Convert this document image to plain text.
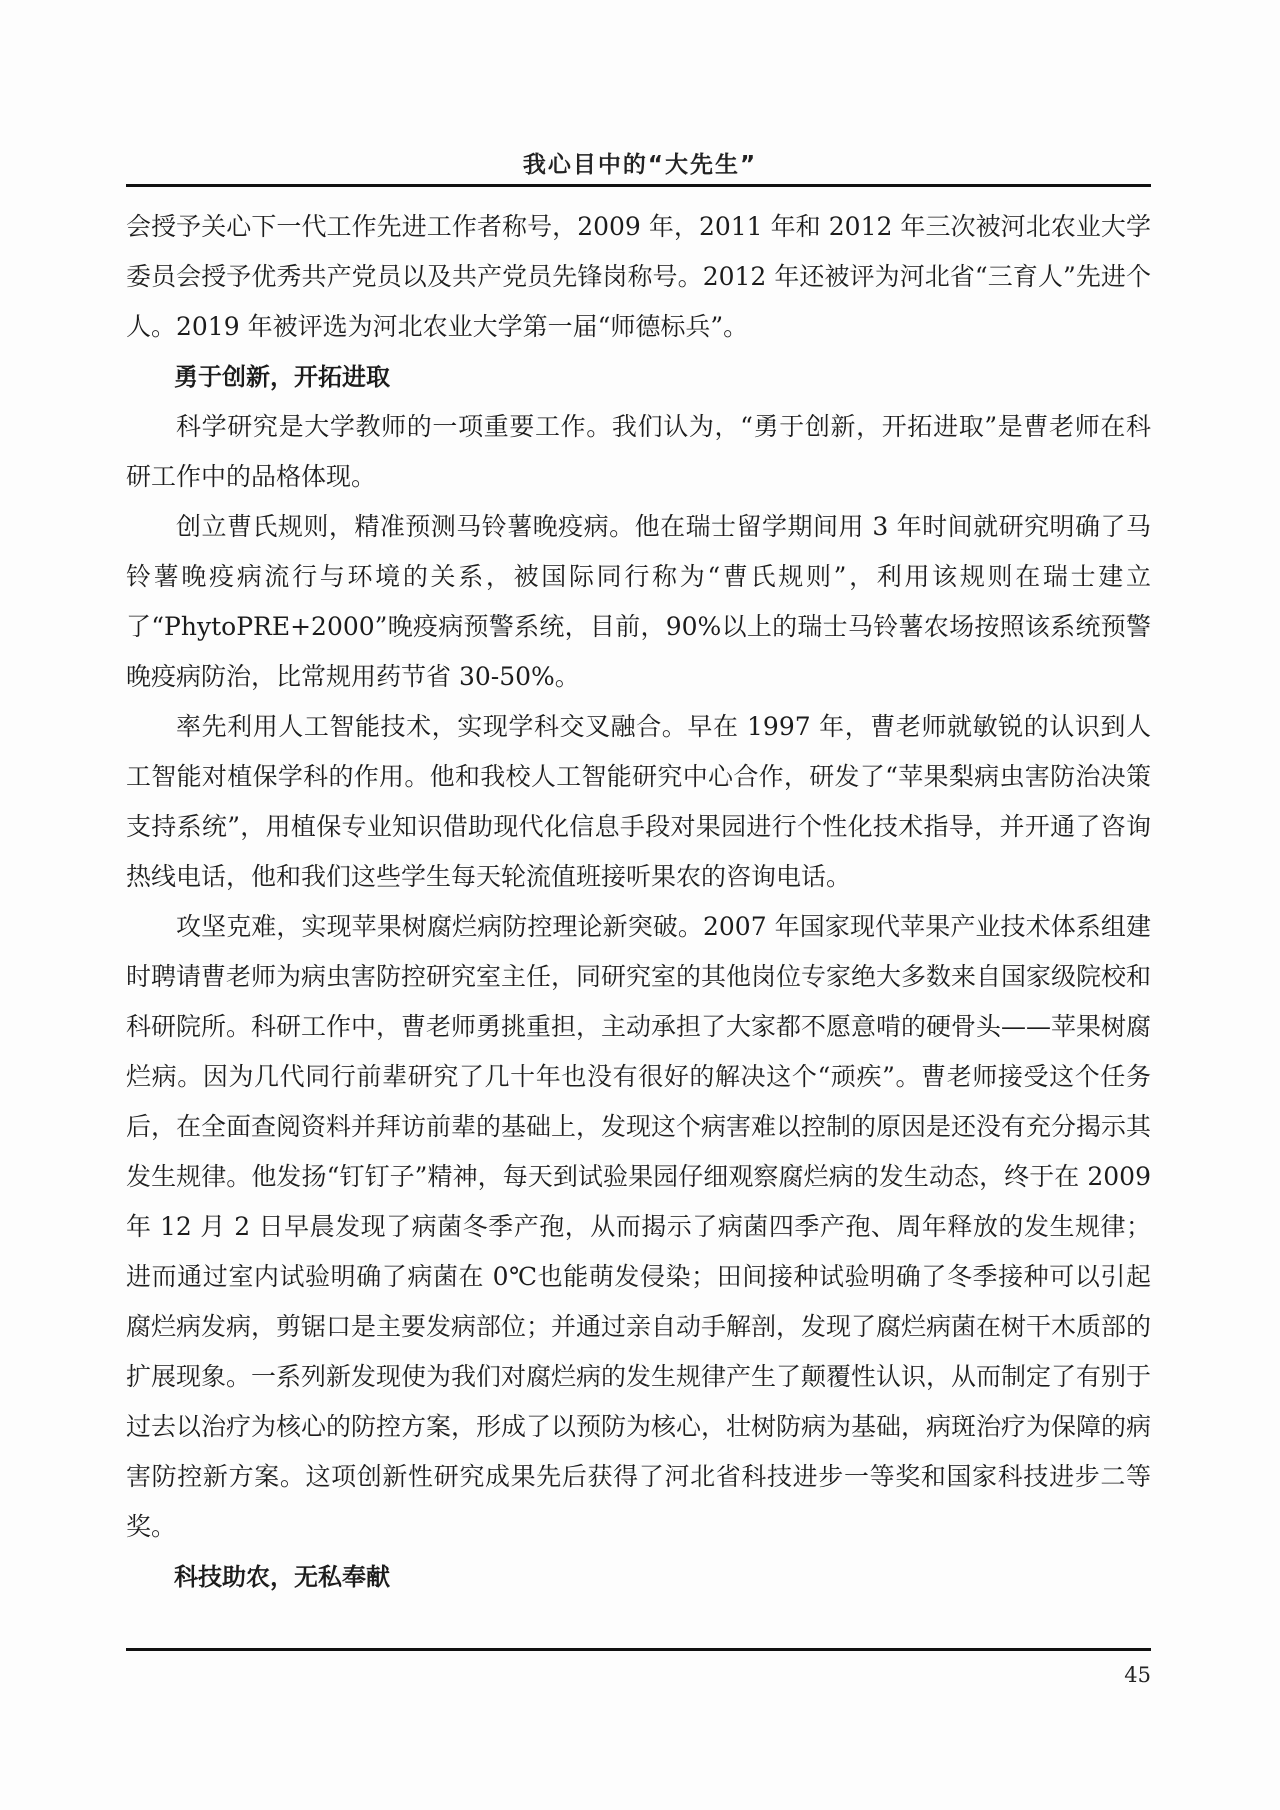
我心目中的“大先生”

会授予关心下一代工作先进工作者称号，2009 年，2011 年和 2012 年三次被河北农业大学委员会授予优秀共产党员以及共产党员先锋岗称号。2012 年还被评为河北省“三育人”先进个人。2019 年被评选为河北农业大学第一届“师德标兵”。

勇于创新，开拓进取

科学研究是大学教师的一项重要工作。我们认为，“勇于创新，开拓进取”是曹老师在科研工作中的品格体现。

创立曹氏规则，精准预测马铃薯晚疫病。他在瑞士留学期间用 3 年时间就研究明确了马铃薯晚疫病流行与环境的关系，被国际同行称为“曹氏规则”，利用该规则在瑞士建立了“PhytoPRE+2000”晚疫病预警系统，目前，90%以上的瑞士马铃薯农场按照该系统预警晚疫病防治，比常规用药节省 30-50%。

率先利用人工智能技术，实现学科交叉融合。早在 1997 年，曹老师就敏锐的认识到人工智能对植保学科的作用。他和我校人工智能研究中心合作，研发了“苹果梨病虫害防治决策支持系统”，用植保专业知识借助现代化信息手段对果园进行个性化技术指导，并开通了咨询热线电话，他和我们这些学生每天轮流值班接听果农的咨询电话。

攻坚克难，实现苹果树腐烂病防控理论新突破。2007 年国家现代苹果产业技术体系组建时聘请曹老师为病虫害防控研究室主任，同研究室的其他岗位专家绝大多数来自国家级院校和科研院所。科研工作中，曹老师勇挑重担，主动承担了大家都不愿意啃的硬骨头——苹果树腐烂病。因为几代同行前辈研究了几十年也没有很好的解决这个“顽疾”。曹老师接受这个任务后，在全面查阅资料并拜访前辈的基础上，发现这个病害难以控制的原因是还没有充分揭示其发生规律。他发扬“钉钉子”精神，每天到试验果园仔细观察腐烂病的发生动态，终于在 2009 年 12 月 2 日早晨发现了病菌冬季产孢，从而揭示了病菌四季产孢、周年释放的发生规律；进而通过室内试验明确了病菌在 0℃也能萌发侵染；田间接种试验明确了冬季接种可以引起腐烂病发病，剪锯口是主要发病部位；并通过亲自动手解剖，发现了腐烂病菌在树干木质部的扩展现象。一系列新发现使为我们对腐烂病的发生规律产生了颠覆性认识，从而制定了有别于过去以治疗为核心的防控方案，形成了以预防为核心，壮树防病为基础，病斑治疗为保障的病害防控新方案。这项创新性研究成果先后获得了河北省科技进步一等奖和国家科技进步二等奖。

科技助农，无私奉献

45
